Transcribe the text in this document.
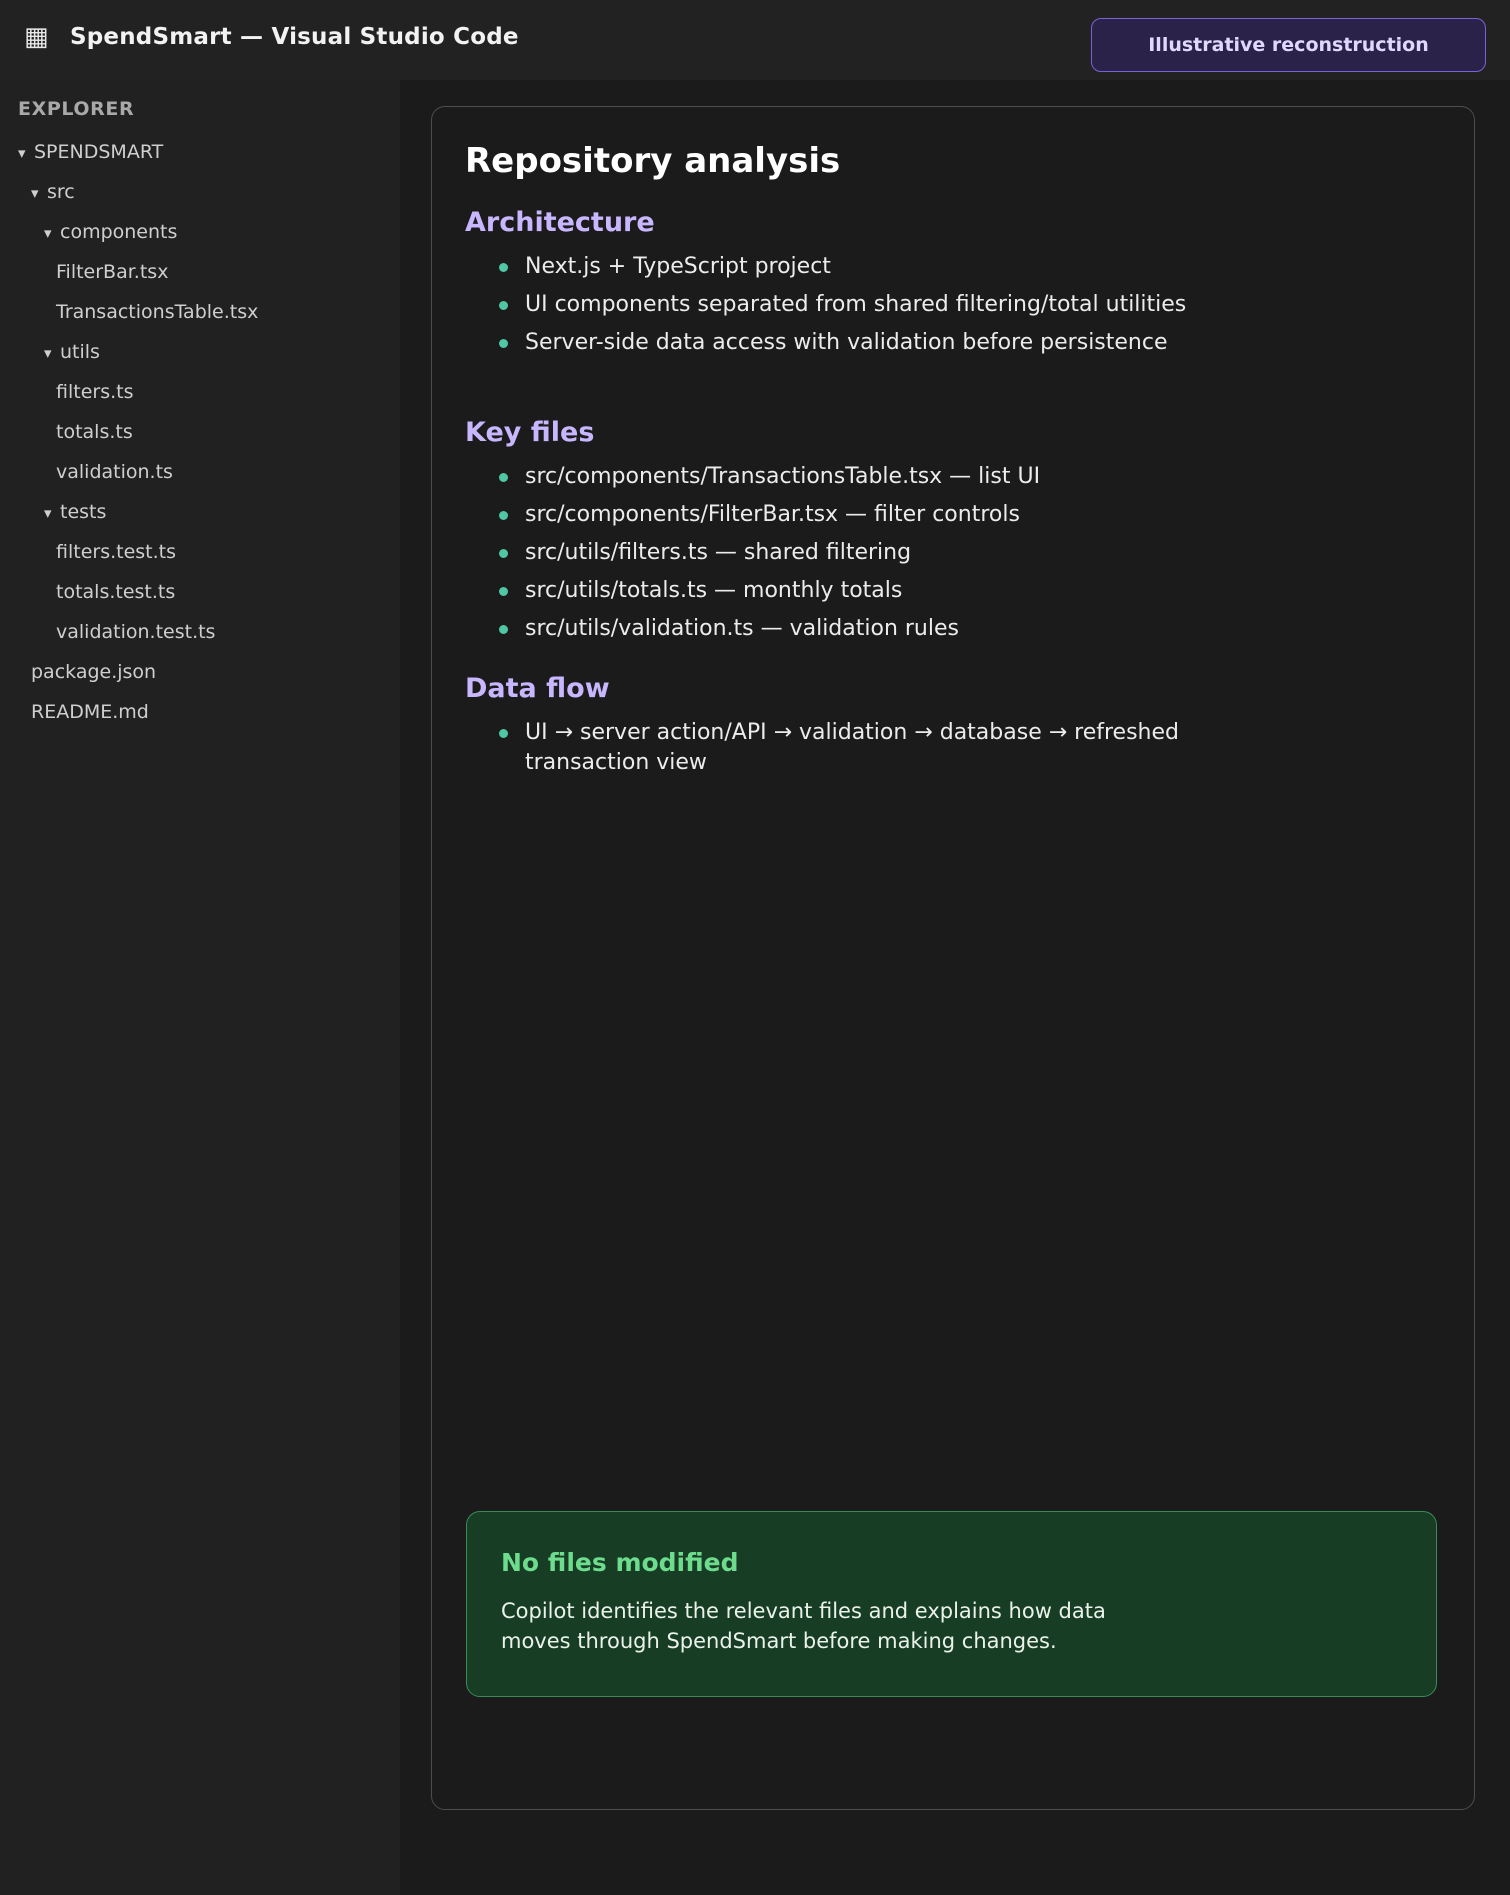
▦ SpendSmart — Visual Studio Code	Illustrative reconstruction
EXPLORER
▾ SPENDSMART
▾ src
▾ components
FilterBar.tsx
TransactionsTable.tsx
▾ utils
filters.ts
totals.ts
validation.ts
▾ tests
filters.test.ts
totals.test.ts
validation.test.ts
package.json
README.md
Repository analysis
Architecture
Next.js + TypeScript project
UI components separated from shared filtering/total utilities
Server-side data access with validation before persistence
Key files
src/components/TransactionsTable.tsx — list UI
src/components/FilterBar.tsx — filter controls
src/utils/filters.ts — shared filtering
src/utils/totals.ts — monthly totals
src/utils/validation.ts — validation rules
Data flow
UI → server action/API → validation → database → refreshed transaction view
No files modified
Copilot identifies the relevant files and explains how data moves through SpendSmart before making changes.
